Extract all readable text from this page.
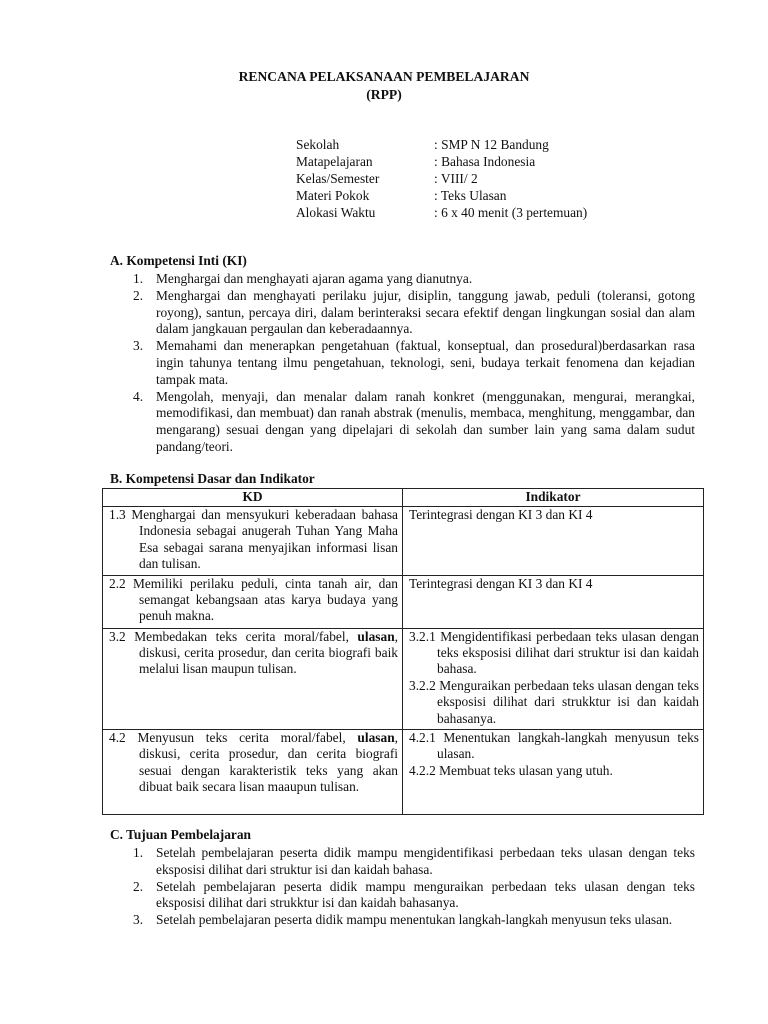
RENCANA PELAKSANAAN PEMBELAJARAN
(RPP)
Sekolah	: SMP N 12 Bandung
Matapelajaran	: Bahasa Indonesia
Kelas/Semester	: VIII/ 2
Materi Pokok	: Teks Ulasan
Alokasi Waktu	: 6 x 40 menit (3 pertemuan)
A. Kompetensi Inti (KI)
1. Menghargai dan menghayati ajaran agama yang dianutnya.
2. Menghargai dan menghayati perilaku jujur, disiplin, tanggung jawab, peduli (toleransi, gotong royong), santun, percaya diri, dalam berinteraksi secara efektif dengan lingkungan sosial dan alam dalam jangkauan pergaulan dan keberadaannya.
3. Memahami dan menerapkan pengetahuan (faktual, konseptual, dan prosedural)berdasarkan rasa ingin tahunya tentang ilmu pengetahuan, teknologi, seni, budaya terkait fenomena dan kejadian tampak mata.
4. Mengolah, menyaji, dan menalar dalam ranah konkret (menggunakan, mengurai, merangkai, memodifikasi, dan membuat) dan ranah abstrak (menulis, membaca, menghitung, menggambar, dan mengarang) sesuai dengan yang dipelajari di sekolah dan sumber lain yang sama dalam sudut pandang/teori.
B. Kompetensi Dasar dan Indikator
KD	Indikator

1.3 Menghargai dan mensyukuri keberadaan bahasa Indonesia sebagai anugerah Tuhan Yang Maha Esa sebagai sarana menyajikan informasi lisan dan tulisan.	Terintegrasi dengan KI 3 dan KI 4

2.2 Memiliki perilaku peduli, cinta tanah air, dan semangat kebangsaan atas karya budaya yang penuh makna.	Terintegrasi dengan KI 3 dan KI 4

3.2 Membedakan teks cerita moral/fabel, ulasan, diskusi, cerita prosedur, dan cerita biografi baik melalui lisan maupun tulisan.	3.2.1 Mengidentifikasi perbedaan teks ulasan dengan teks eksposisi dilihat dari struktur isi dan kaidah bahasa.
3.2.2 Menguraikan perbedaan teks ulasan dengan teks eksposisi dilihat dari strukktur isi dan kaidah bahasanya.

4.2 Menyusun teks cerita moral/fabel, ulasan, diskusi, cerita prosedur, dan cerita biografi sesuai dengan karakteristik teks yang akan dibuat baik secara lisan maaupun tulisan.	4.2.1 Menentukan langkah-langkah menyusun teks ulasan.
4.2.2 Membuat teks ulasan yang utuh.
C. Tujuan Pembelajaran
1. Setelah pembelajaran peserta didik mampu mengidentifikasi perbedaan teks ulasan dengan teks eksposisi dilihat dari struktur isi dan kaidah bahasa.
2. Setelah pembelajaran peserta didik mampu menguraikan perbedaan teks ulasan dengan teks eksposisi dilihat dari strukktur isi dan kaidah bahasanya.
3. Setelah pembelajaran peserta didik mampu menentukan langkah-langkah menyusun teks ulasan.
